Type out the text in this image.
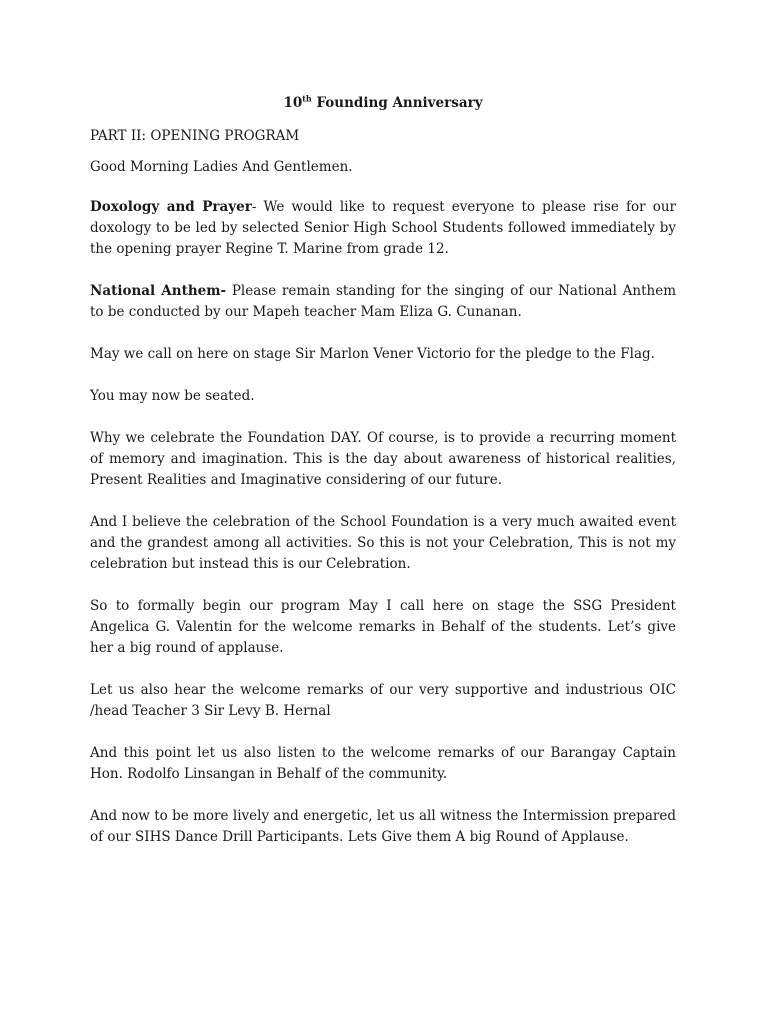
10th Founding Anniversary

PART II: OPENING PROGRAM

Good Morning Ladies And Gentlemen.

Doxology and Prayer- We would like to request everyone to please rise for our doxology to be led by selected Senior High School Students followed immediately by the opening prayer Regine T. Marine from grade 12.

National Anthem- Please remain standing for the singing of our National Anthem to be conducted by our Mapeh teacher Mam Eliza G. Cunanan.

May we call on here on stage Sir Marlon Vener Victorio for the pledge to the Flag.

You may now be seated.

Why we celebrate the Foundation DAY. Of course, is to provide a recurring moment of memory and imagination. This is the day about awareness of historical realities, Present Realities and Imaginative considering of our future.

And I believe the celebration of the School Foundation is a very much awaited event and the grandest among all activities. So this is not your Celebration, This is not my celebration but instead this is our Celebration.

So to formally begin our program May I call here on stage the SSG President Angelica G. Valentin for the welcome remarks in Behalf of the students. Let’s give her a big round of applause.

Let us also hear the welcome remarks of our very supportive and industrious OIC /head Teacher 3 Sir Levy B. Hernal

And this point let us also listen to the welcome remarks of our Barangay Captain Hon. Rodolfo Linsangan in Behalf of the community.

And now to be more lively and energetic, let us all witness the Intermission prepared of our SIHS Dance Drill Participants. Lets Give them A big Round of Applause.
